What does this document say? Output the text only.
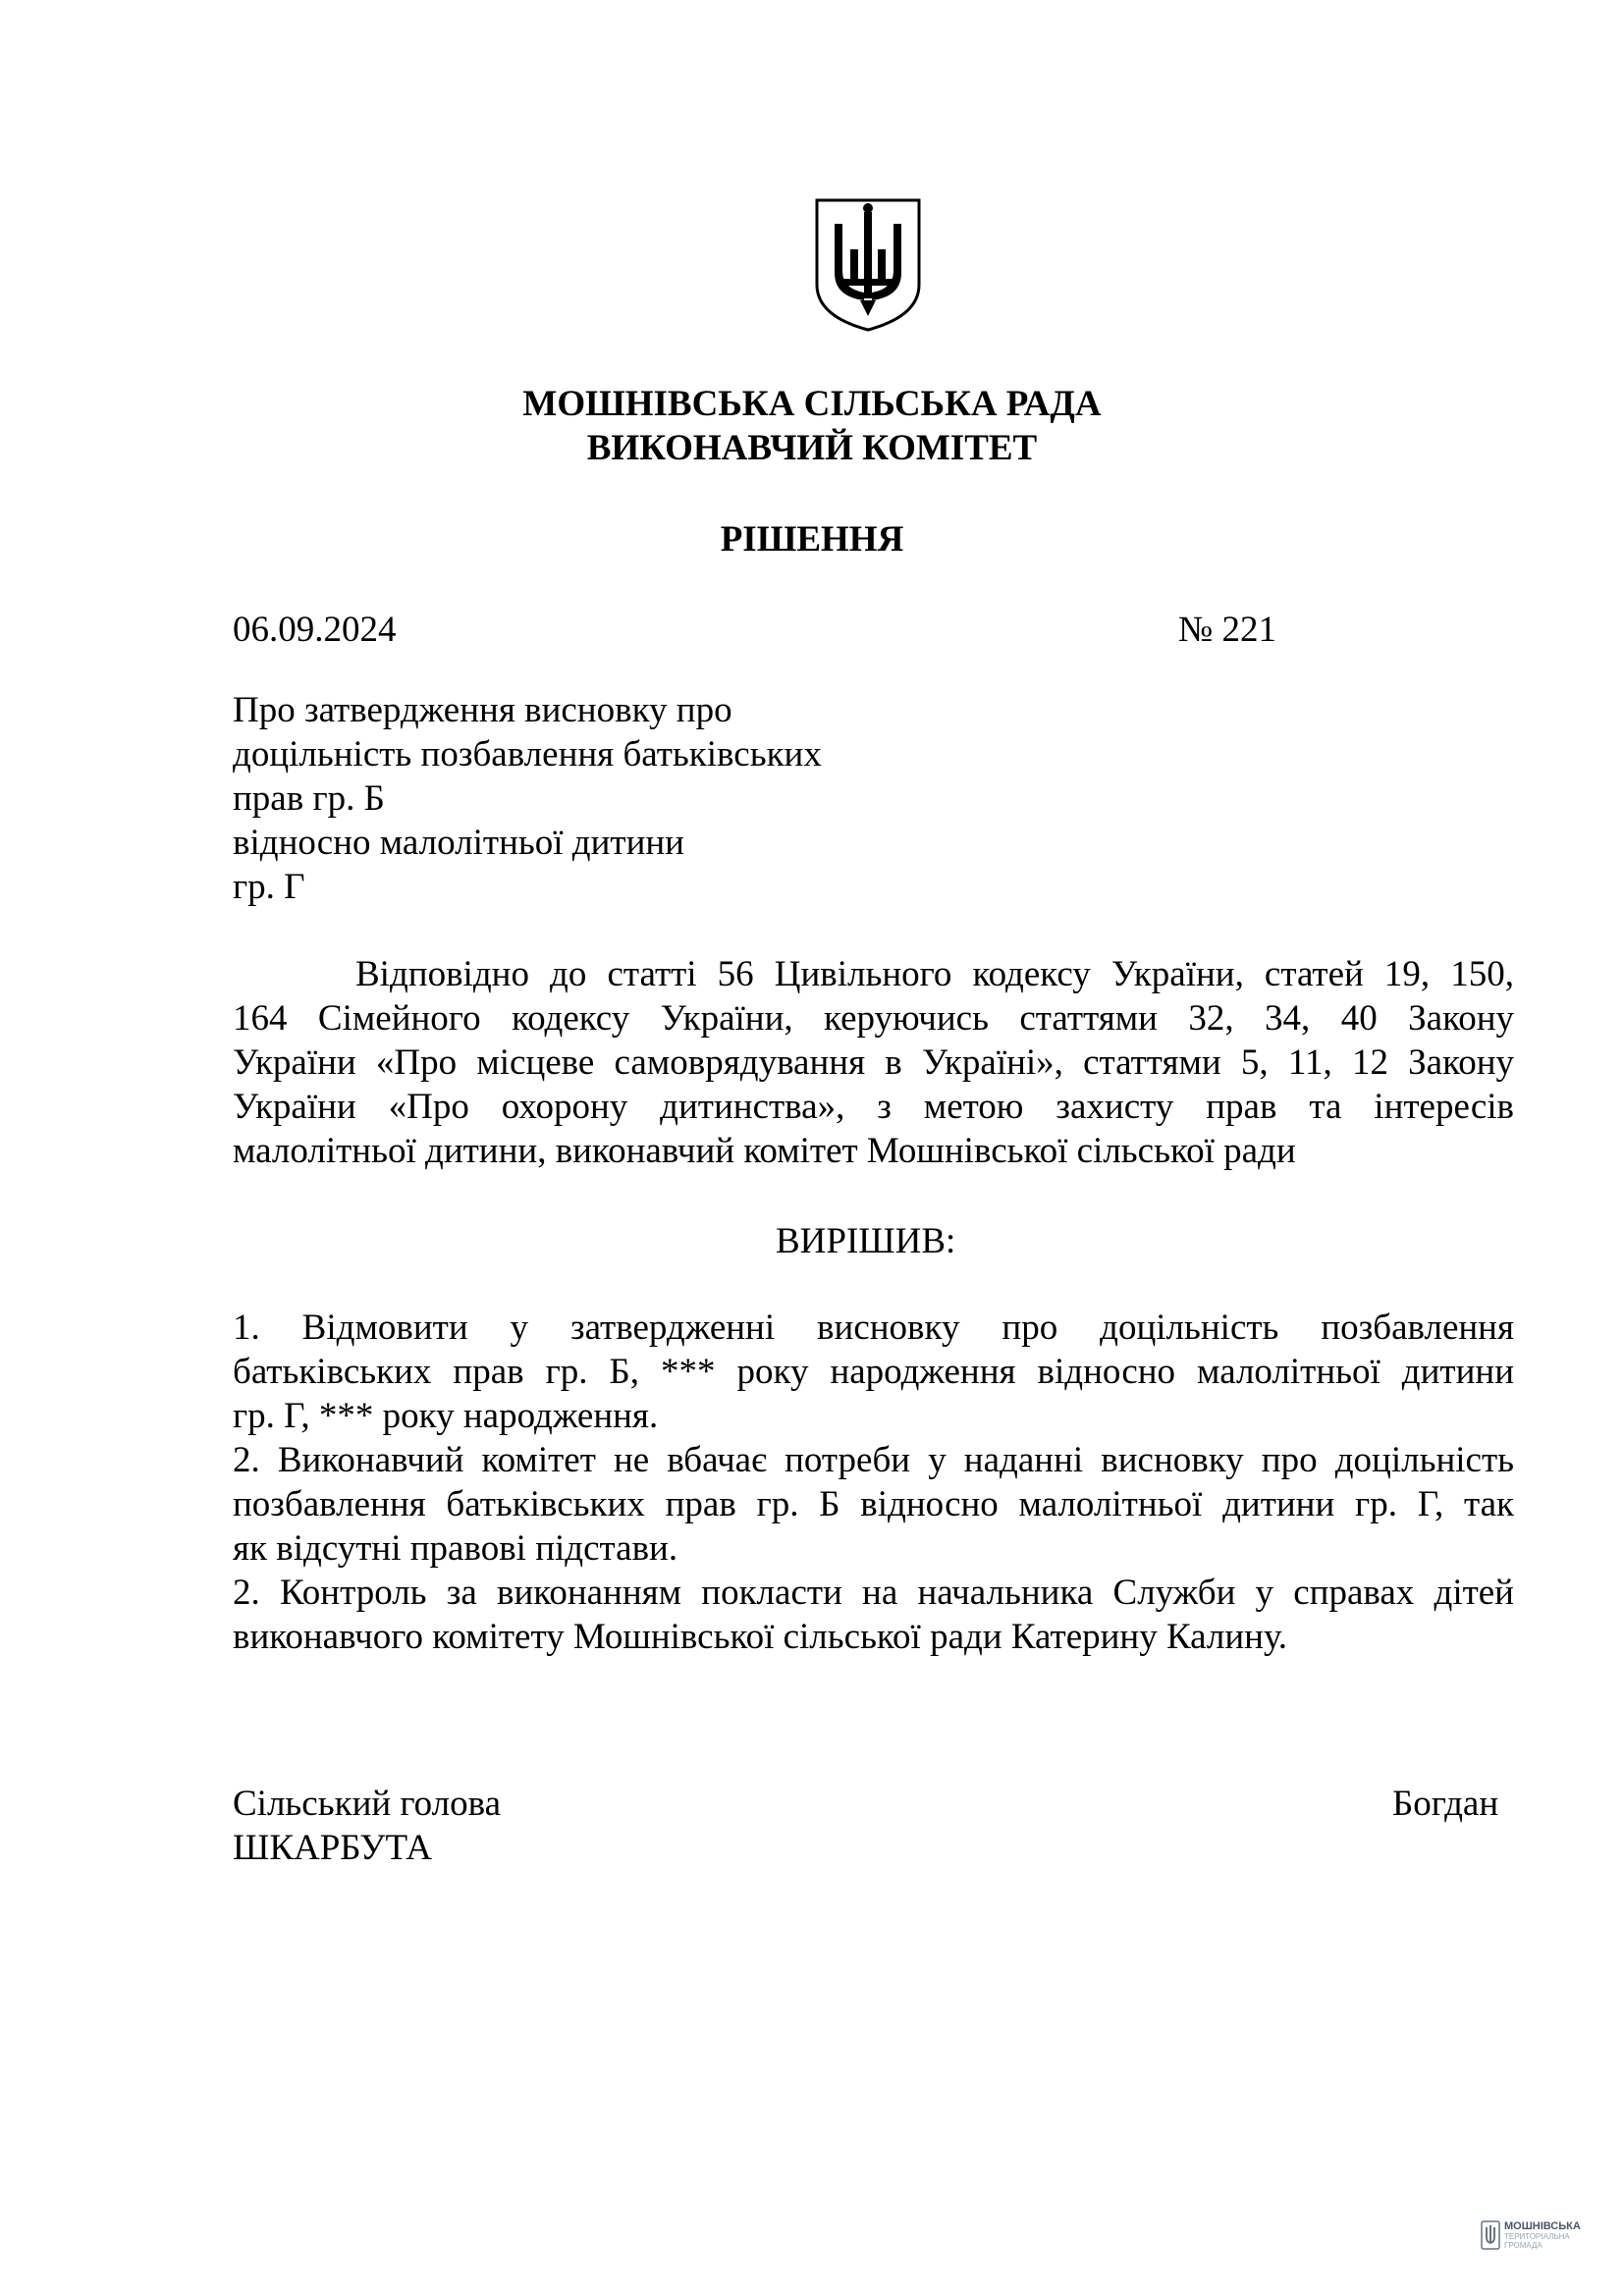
МОШНІВСЬКА СІЛЬСЬКА РАДА
ВИКОНАВЧИЙ КОМІТЕТ
РІШЕННЯ
06.09.2024	№ 221
Про затвердження висновку про
доцільність позбавлення батьківських
прав гр. Б
відносно малолітньої дитини
гр. Г
Відповідно до статті 56 Цивільного кодексу України, статей 19, 150,
164 Сімейного кодексу України, керуючись статтями 32, 34, 40 Закону
України «Про місцеве самоврядування в Україні», статтями 5, 11, 12 Закону
України «Про охорону дитинства», з метою захисту прав та інтересів
малолітньої дитини, виконавчий комітет Мошнівської сільської ради
ВИРІШИВ:
1. Відмовити у затвердженні висновку про доцільність позбавлення
батьківських прав гр. Б, *** року народження відносно малолітньої дитини
гр. Г, *** року народження.
2. Виконавчий комітет не вбачає потреби у наданні висновку про доцільність
позбавлення батьківських прав гр. Б відносно малолітньої дитини гр. Г, так
як відсутні правові підстави.
2. Контроль за виконанням покласти на начальника Служби у справах дітей
виконавчого комітету Мошнівської сільської ради Катерину Калину.
Сільський голова	Богдан
ШКАРБУТА
МОШНІВСЬКА
ТЕРИТОРІАЛЬНА
ГРОМАДА
